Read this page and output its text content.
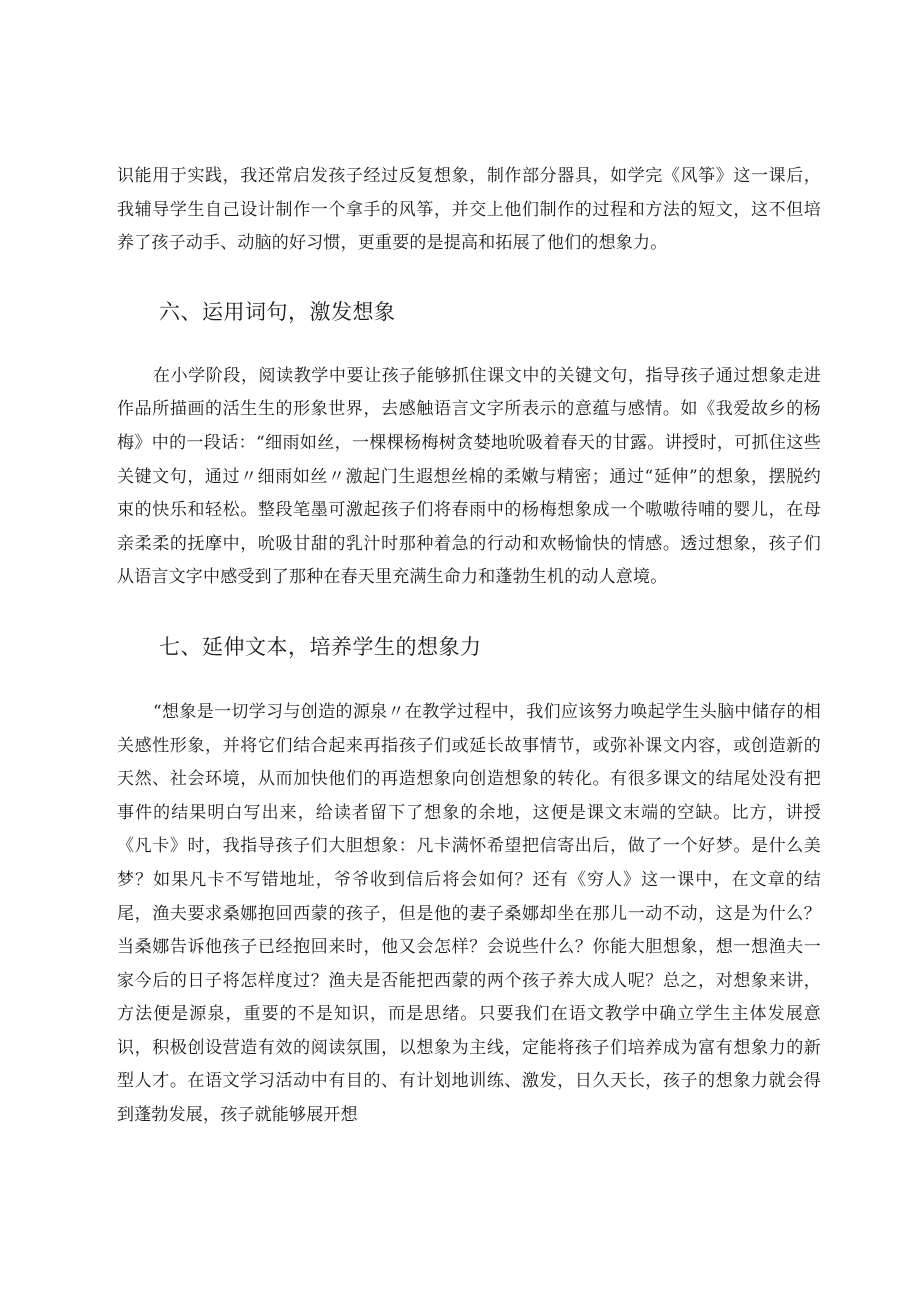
识能用于实践，我还常启发孩子经过反复想象，制作部分器具，如学完《风筝》这一课后，我辅导学生自己设计制作一个拿手的风筝，并交上他们制作的过程和方法的短文，这不但培养了孩子动手、动脑的好习惯，更重要的是提高和拓展了他们的想象力。

六、运用词句，激发想象

在小学阶段，阅读教学中要让孩子能够抓住课文中的关键文句，指导孩子通过想象走进作品所描画的活生生的形象世界，去感触语言文字所表示的意蕴与感情。如《我爱故乡的杨梅》中的一段话：“细雨如丝，一棵棵杨梅树贪婪地吮吸着春天的甘露。讲授时，可抓住这些关键文句，通过〃细雨如丝〃激起门生遐想丝棉的柔嫩与精密；通过“延伸”的想象，摆脱约束的快乐和轻松。整段笔墨可激起孩子们将春雨中的杨梅想象成一个嗷嗷待哺的婴儿，在母亲柔柔的抚摩中，吮吸甘甜的乳汁时那种着急的行动和欢畅愉快的情感。透过想象，孩子们从语言文字中感受到了那种在春天里充满生命力和蓬勃生机的动人意境。

七、延伸文本，培养学生的想象力

“想象是一切学习与创造的源泉〃在教学过程中，我们应该努力唤起学生头脑中储存的相关感性形象，并将它们结合起来再指孩子们或延长故事情节，或弥补课文内容，或创造新的天然、社会环境，从而加快他们的再造想象向创造想象的转化。有很多课文的结尾处没有把事件的结果明白写出来，给读者留下了想象的余地，这便是课文末端的空缺。比方，讲授《凡卡》时，我指导孩子们大胆想象：凡卡满怀希望把信寄出后，做了一个好梦。是什么美梦？如果凡卡不写错地址，爷爷收到信后将会如何？还有《穷人》这一课中，在文章的结尾，渔夫要求桑娜抱回西蒙的孩子，但是他的妻子桑娜却坐在那儿一动不动，这是为什么？当桑娜告诉他孩子已经抱回来时，他又会怎样？会说些什么？你能大胆想象，想一想渔夫一家今后的日子将怎样度过？渔夫是否能把西蒙的两个孩子养大成人呢？总之，对想象来讲，方法便是源泉，重要的不是知识，而是思绪。只要我们在语文教学中确立学生主体发展意识，积极创设营造有效的阅读氛围，以想象为主线，定能将孩子们培养成为富有想象力的新型人才。在语文学习活动中有目的、有计划地训练、激发，日久天长，孩子的想象力就会得到蓬勃发展，孩子就能够展开想
